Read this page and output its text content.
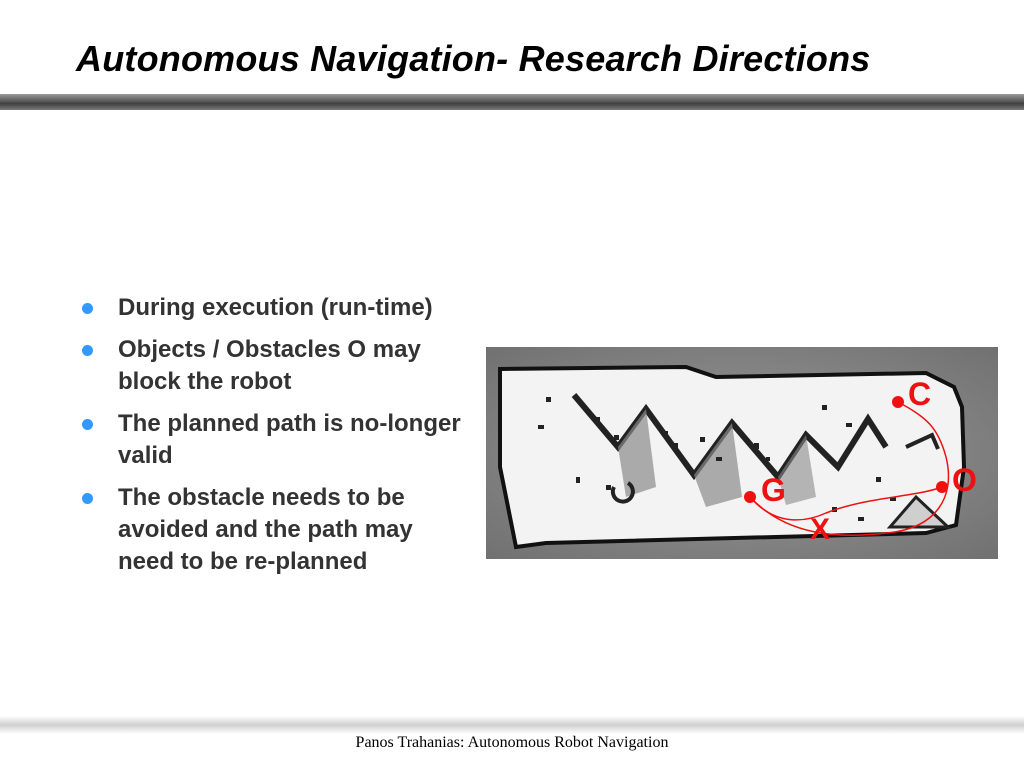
Autonomous Navigation- Research Directions
During execution (run-time)
Objects / Obstacles O may block the robot
The planned path is no-longer valid
The obstacle needs to be avoided and the path may need to be re-planned
C
O
G
X
Panos Trahanias: Autonomous Robot Navigation
